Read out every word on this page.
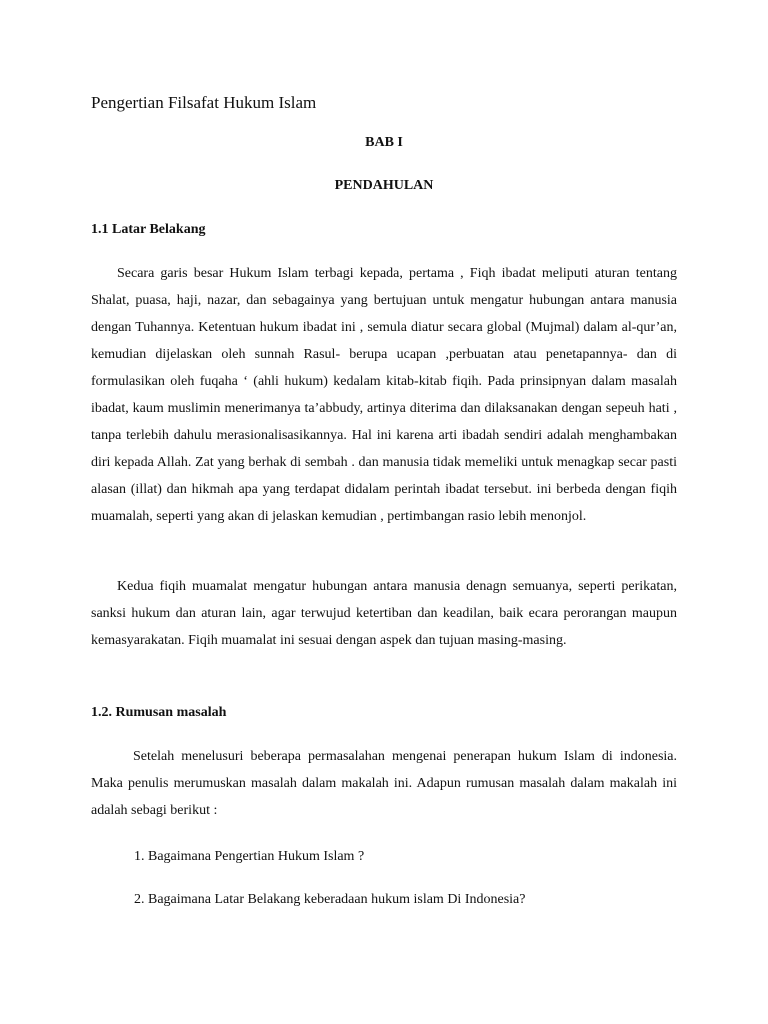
Pengertian Filsafat Hukum Islam

BAB I

PENDAHULAN

1.1 Latar Belakang

Secara garis besar Hukum Islam terbagi kepada, pertama , Fiqh ibadat meliputi aturan tentang Shalat, puasa, haji, nazar, dan sebagainya yang bertujuan untuk mengatur hubungan antara manusia dengan Tuhannya. Ketentuan hukum ibadat ini , semula diatur secara global (Mujmal) dalam al-qur’an, kemudian dijelaskan oleh sunnah Rasul- berupa ucapan ,perbuatan atau penetapannya- dan di formulasikan oleh fuqaha ‘ (ahli hukum) kedalam kitab-kitab fiqih. Pada prinsipnyan dalam masalah ibadat, kaum muslimin menerimanya ta’abbudy, artinya diterima dan dilaksanakan dengan sepeuh hati , tanpa terlebih dahulu merasionalisasikannya. Hal ini karena arti ibadah sendiri adalah menghambakan diri kepada Allah. Zat yang berhak di sembah . dan manusia tidak memeliki untuk menagkap secar pasti alasan (illat) dan hikmah apa yang terdapat didalam perintah ibadat tersebut. ini berbeda dengan fiqih muamalah, seperti yang akan di jelaskan kemudian , pertimbangan rasio lebih menonjol.

Kedua fiqih muamalat mengatur hubungan antara manusia denagn semuanya, seperti perikatan, sanksi hukum dan aturan lain, agar terwujud ketertiban dan keadilan, baik ecara perorangan maupun kemasyarakatan. Fiqih muamalat ini sesuai dengan aspek dan tujuan masing-masing.

1.2. Rumusan masalah

Setelah menelusuri beberapa permasalahan mengenai penerapan hukum Islam di indonesia. Maka penulis merumuskan masalah dalam makalah ini. Adapun rumusan masalah dalam makalah ini adalah sebagi berikut :

1. Bagaimana Pengertian Hukum Islam ?

2. Bagaimana Latar Belakang keberadaan hukum islam Di Indonesia?
